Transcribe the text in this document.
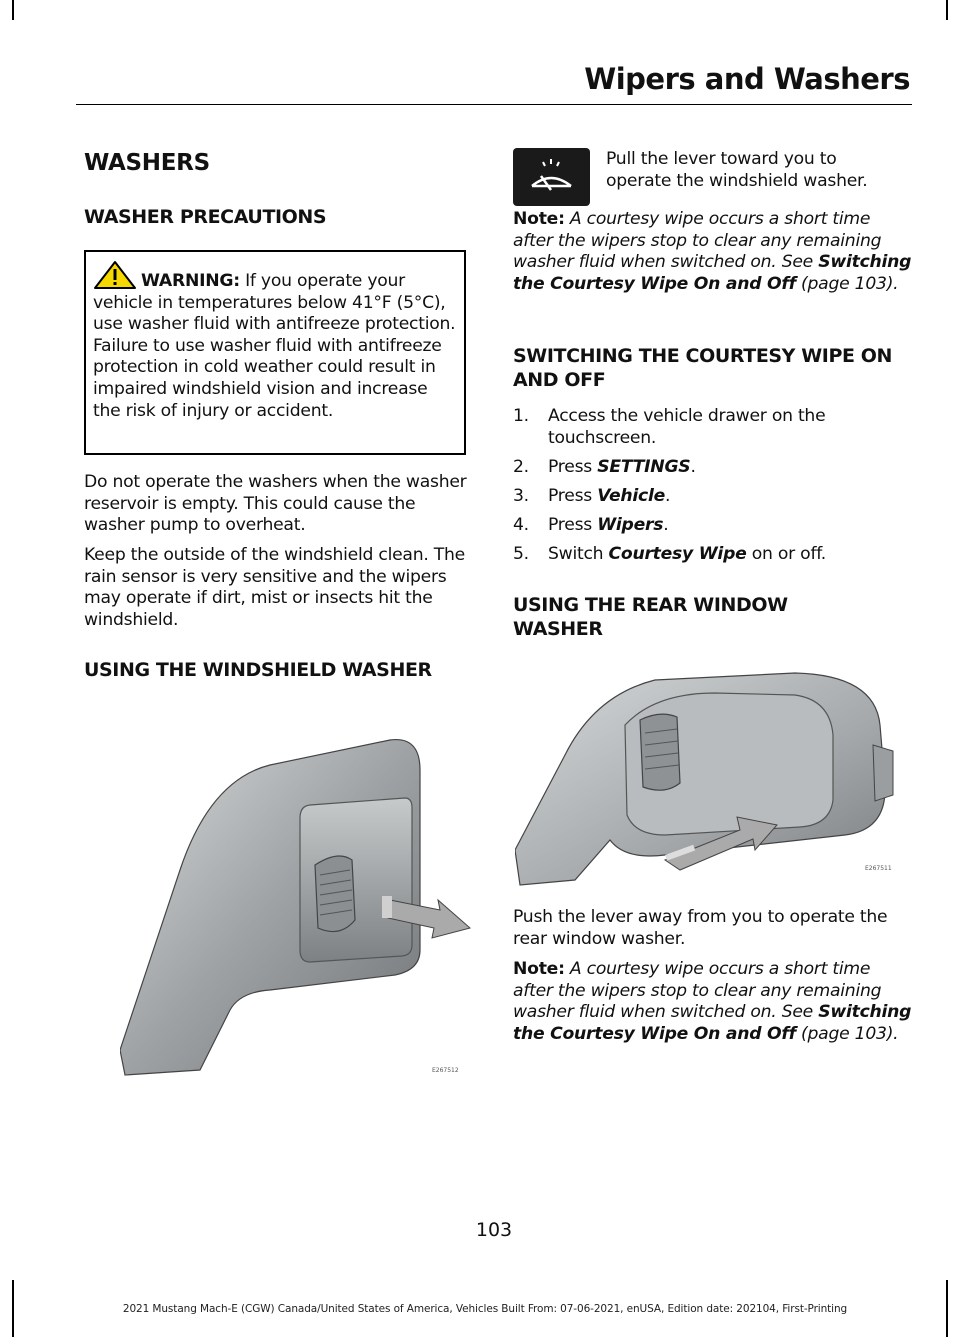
Wipers and Washers
WASHERS
WASHER PRECAUTIONS

WARNING: If you operate your vehicle in temperatures below 41°F (5°C), use washer fluid with antifreeze protection. Failure to use washer fluid with antifreeze protection in cold weather could result in impaired windshield vision and increase the risk of injury or accident.

Do not operate the washers when the washer reservoir is empty. This could cause the washer pump to overheat.

Keep the outside of the windshield clean. The rain sensor is very sensitive and the wipers may operate if dirt, mist or insects hit the windshield.

USING THE WINDSHIELD WASHER
E267512

Pull the lever toward you to operate the windshield washer.

Note: A courtesy wipe occurs a short time after the wipers stop to clear any remaining washer fluid when switched on. See Switching the Courtesy Wipe On and Off (page 103).

SWITCHING THE COURTESY WIPE ON AND OFF
1. Access the vehicle drawer on the touchscreen.
2. Press SETTINGS.
3. Press Vehicle.
4. Press Wipers.
5. Switch Courtesy Wipe on or off.
USING THE REAR WINDOW WASHER
E267511

Push the lever away from you to operate the rear window washer.

Note: A courtesy wipe occurs a short time after the wipers stop to clear any remaining washer fluid when switched on. See Switching the Courtesy Wipe On and Off (page 103).

103
2021 Mustang Mach-E (CGW) Canada/United States of America, Vehicles Built From: 07-06-2021, enUSA, Edition date: 202104, First-Printing
